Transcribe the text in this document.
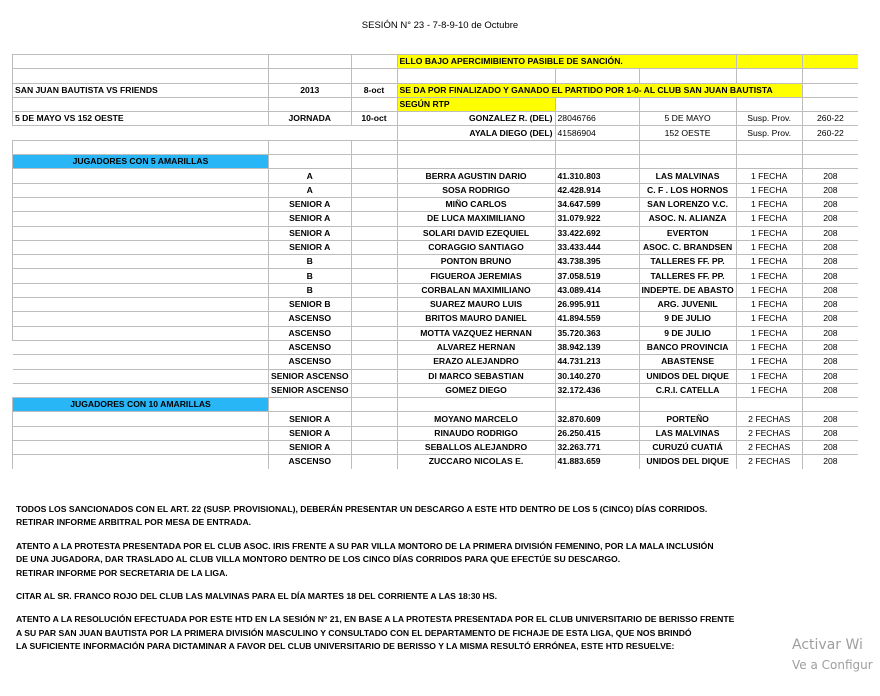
SESIÓN N° 23 - 7-8-9-10 de Octubre
			ELLO BAJO APERCIMIBIENTO PASIBLE DE SANCIÓN.				

SAN JUAN BAUTISTA VS FRIENDS	2013	8-oct	SE DA POR FINALIZADO Y GANADO EL PARTIDO POR 1-0- AL CLUB SAN JUAN BAUTISTA				
			SEGÚN RTP				
5 DE MAYO VS 152 OESTE	JORNADA	10-oct	GONZALEZ R. (DEL)	28046766	5 DE MAYO	Susp. Prov.	260-22
			AYALA DIEGO (DEL)	41586904	152 OESTE	Susp. Prov.	260-22

JUGADORES CON 5 AMARILLAS							
	A		BERRA AGUSTIN DARIO	41.310.803	LAS MALVINAS	1 FECHA	208
	A		SOSA RODRIGO	42.428.914	C. F . LOS HORNOS	1 FECHA	208
	SENIOR A		MIÑO CARLOS	34.647.599	SAN LORENZO V.C.	1 FECHA	208
	SENIOR A		DE LUCA MAXIMILIANO	31.079.922	ASOC. N. ALIANZA	1 FECHA	208
	SENIOR A		SOLARI DAVID EZEQUIEL	33.422.692	EVERTON	1 FECHA	208
	SENIOR A		CORAGGIO SANTIAGO	33.433.444	ASOC. C. BRANDSEN	1 FECHA	208
	B		PONTON BRUNO	43.738.395	TALLERES FF. PP.	1 FECHA	208
	B		FIGUEROA JEREMIAS	37.058.519	TALLERES FF. PP.	1 FECHA	208
	B		CORBALAN MAXIMILIANO	43.089.414	INDEPTE. DE ABASTO	1 FECHA	208
	SENIOR B		SUAREZ MAURO LUIS	26.995.911	ARG. JUVENIL	1 FECHA	208
	ASCENSO		BRITOS MAURO DANIEL	41.894.559	9 DE JULIO	1 FECHA	208
	ASCENSO		MOTTA VAZQUEZ HERNAN	35.720.363	9 DE JULIO	1 FECHA	208
	ASCENSO		ALVAREZ HERNAN	38.942.139	BANCO PROVINCIA	1 FECHA	208
	ASCENSO		ERAZO ALEJANDRO	44.731.213	ABASTENSE	1 FECHA	208
	SENIOR ASCENSO		DI MARCO SEBASTIAN	30.140.270	UNIDOS DEL DIQUE	1 FECHA	208
	SENIOR ASCENSO		GOMEZ DIEGO	32.172.436	C.R.I. CATELLA	1 FECHA	208
JUGADORES CON 10 AMARILLAS							
	SENIOR A		MOYANO MARCELO	32.870.609	PORTEÑO	2 FECHAS	208
	SENIOR A		RINAUDO RODRIGO	26.250.415	LAS MALVINAS	2 FECHAS	208
	SENIOR A		SEBALLOS ALEJANDRO	32.263.771	CURUZÚ CUATIÁ	2 FECHAS	208
	ASCENSO		ZUCCARO NICOLAS E.	41.883.659	UNIDOS DEL DIQUE	2 FECHAS	208

TODOS LOS SANCIONADOS CON EL ART. 22 (SUSP. PROVISIONAL), DEBERÁN PRESENTAR UN DESCARGO A ESTE HTD DENTRO DE LOS 5 (CINCO) DÍAS CORRIDOS.
RETIRAR INFORME ARBITRAL POR MESA DE ENTRADA.

ATENTO A LA PROTESTA PRESENTADA POR EL CLUB ASOC. IRIS FRENTE A SU PAR VILLA MONTORO DE LA PRIMERA DIVISIÓN FEMENINO, POR LA MALA INCLUSIÓN
DE UNA JUGADORA, DAR TRASLADO AL CLUB VILLA MONTORO DENTRO DE LOS CINCO DÍAS CORRIDOS PARA QUE EFECTÚE SU DESCARGO.
RETIRAR INFORME POR SECRETARIA DE LA LIGA.

CITAR AL SR. FRANCO ROJO DEL CLUB LAS MALVINAS PARA EL DÍA MARTES 18 DEL CORRIENTE A LAS 18:30 HS.

ATENTO A LA RESOLUCIÓN EFECTUADA POR ESTE HTD EN LA SESIÓN N° 21, EN BASE A LA PROTESTA PRESENTADA POR EL CLUB UNIVERSITARIO DE BERISSO FRENTE
A SU PAR SAN JUAN BAUTISTA POR LA PRIMERA DIVISIÓN MASCULINO Y CONSULTADO CON EL DEPARTAMENTO DE FICHAJE DE ESTA LIGA, QUE NOS BRINDÓ
LA SUFICIENTE INFORMACIÓN PARA DICTAMINAR A FAVOR DEL CLUB UNIVERSITARIO DE BERISSO Y LA MISMA RESULTÓ ERRÓNEA, ESTE HTD RESUELVE:	Activar Wi
Ve a Configur
